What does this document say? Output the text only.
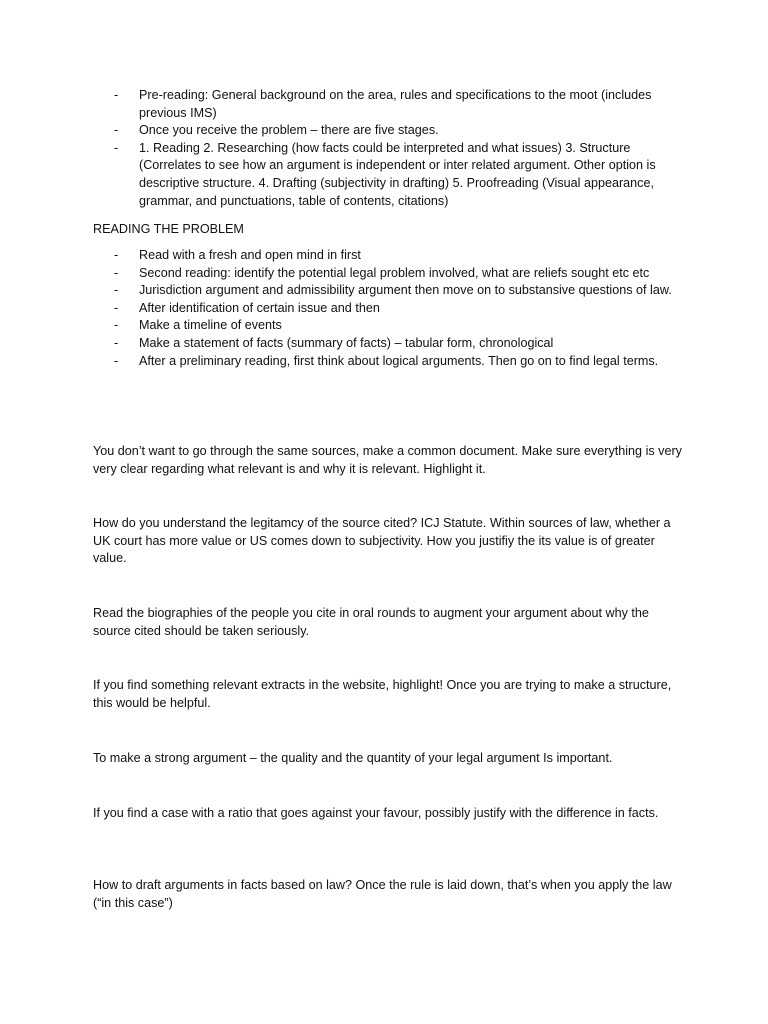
- Pre-reading: General background on the area, rules and specifications to the moot (includes previous IMS)
- Once you receive the problem – there are five stages.
- 1. Reading 2. Researching (how facts could be interpreted and what issues) 3. Structure (Correlates to see how an argument is independent or inter related argument. Other option is descriptive structure. 4. Drafting (subjectivity in drafting) 5. Proofreading (Visual appearance, grammar, and punctuations, table of contents, citations)
READING THE PROBLEM
- Read with a fresh and open mind in first
- Second reading: identify the potential legal problem involved, what are reliefs sought etc etc
- Jurisdiction argument and admissibility argument then move on to substansive questions of law.
- After identification of certain issue and then
- Make a timeline of events
- Make a statement of facts (summary of facts) – tabular form, chronological
- After a preliminary reading, first think about logical arguments. Then go on to find legal terms.

You don’t want to go through the same sources, make a common document. Make sure everything is very very clear regarding what relevant is and why it is relevant. Highlight it.

How do you understand the legitamcy of the source cited? ICJ Statute. Within sources of law, whether a UK court has more value or US comes down to subjectivity. How you justifiy the its value is of greater value.

Read the biographies of the people you cite in oral rounds to augment your argument about why the source cited should be taken seriously.

If you find something relevant extracts in the website, highlight! Once you are trying to make a structure, this would be helpful.

To make a strong argument – the quality and the quantity of your legal argument Is important.

If you find a case with a ratio that goes against your favour, possibly justify with the difference in facts.

How to draft arguments in facts based on law? Once the rule is laid down, that’s when you apply the law (“in this case”)
